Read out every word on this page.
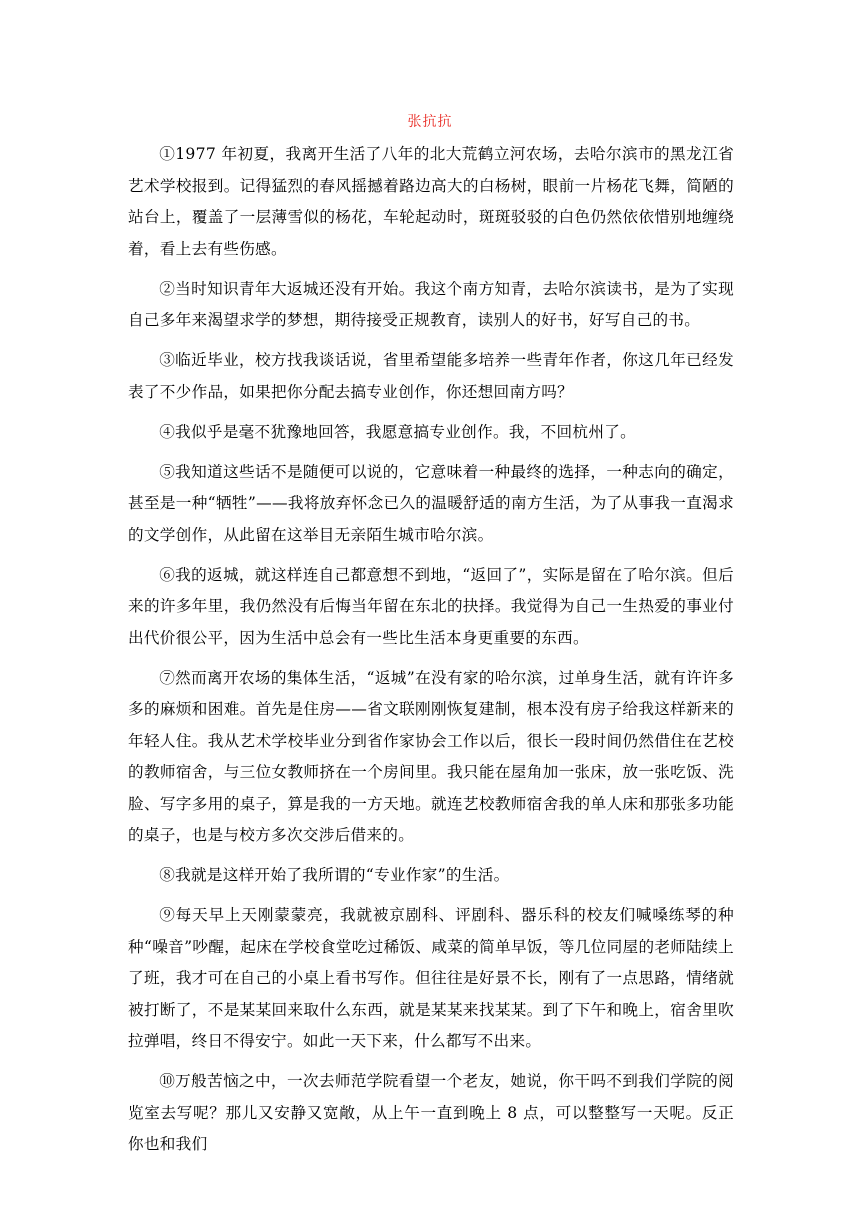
张抗抗

①1977 年初夏，我离开生活了八年的北大荒鹤立河农场，去哈尔滨市的黑龙江省艺术学校报到。记得猛烈的春风摇撼着路边高大的白杨树，眼前一片杨花飞舞，简陋的站台上，覆盖了一层薄雪似的杨花，车轮起动时，斑斑驳驳的白色仍然依依惜别地缠绕着，看上去有些伤感。

②当时知识青年大返城还没有开始。我这个南方知青，去哈尔滨读书，是为了实现自己多年来渴望求学的梦想，期待接受正规教育，读别人的好书，好写自己的书。

③临近毕业，校方找我谈话说，省里希望能多培养一些青年作者，你这几年已经发表了不少作品，如果把你分配去搞专业创作，你还想回南方吗？

④我似乎是毫不犹豫地回答，我愿意搞专业创作。我，不回杭州了。

⑤我知道这些话不是随便可以说的，它意味着一种最终的选择，一种志向的确定，甚至是一种“牺牲”——我将放弃怀念已久的温暖舒适的南方生活，为了从事我一直渴求的文学创作，从此留在这举目无亲陌生城市哈尔滨。

⑥我的返城，就这样连自己都意想不到地，“返回了”，实际是留在了哈尔滨。但后来的许多年里，我仍然没有后悔当年留在东北的抉择。我觉得为自己一生热爱的事业付出代价很公平，因为生活中总会有一些比生活本身更重要的东西。

⑦然而离开农场的集体生活，“返城”在没有家的哈尔滨，过单身生活，就有许许多多的麻烦和困难。首先是住房——省文联刚刚恢复建制，根本没有房子给我这样新来的年轻人住。我从艺术学校毕业分到省作家协会工作以后，很长一段时间仍然借住在艺校的教师宿舍，与三位女教师挤在一个房间里。我只能在屋角加一张床，放一张吃饭、洗脸、写字多用的桌子，算是我的一方天地。就连艺校教师宿舍我的单人床和那张多功能的桌子，也是与校方多次交涉后借来的。

⑧我就是这样开始了我所谓的“专业作家”的生活。

⑨每天早上天刚蒙蒙亮，我就被京剧科、评剧科、器乐科的校友们喊嗓练琴的种种“噪音”吵醒，起床在学校食堂吃过稀饭、咸菜的简单早饭，等几位同屋的老师陆续上了班，我才可在自己的小桌上看书写作。但往往是好景不长，刚有了一点思路，情绪就被打断了，不是某某回来取什么东西，就是某某来找某某。到了下午和晚上，宿舍里吹拉弹唱，终日不得安宁。如此一天下来，什么都写不出来。

⑩万般苦恼之中，一次去师范学院看望一个老友，她说，你干吗不到我们学院的阅览室去写呢？那儿又安静又宽敞，从上午一直到晚上 8 点，可以整整写一天呢。反正你也和我们
